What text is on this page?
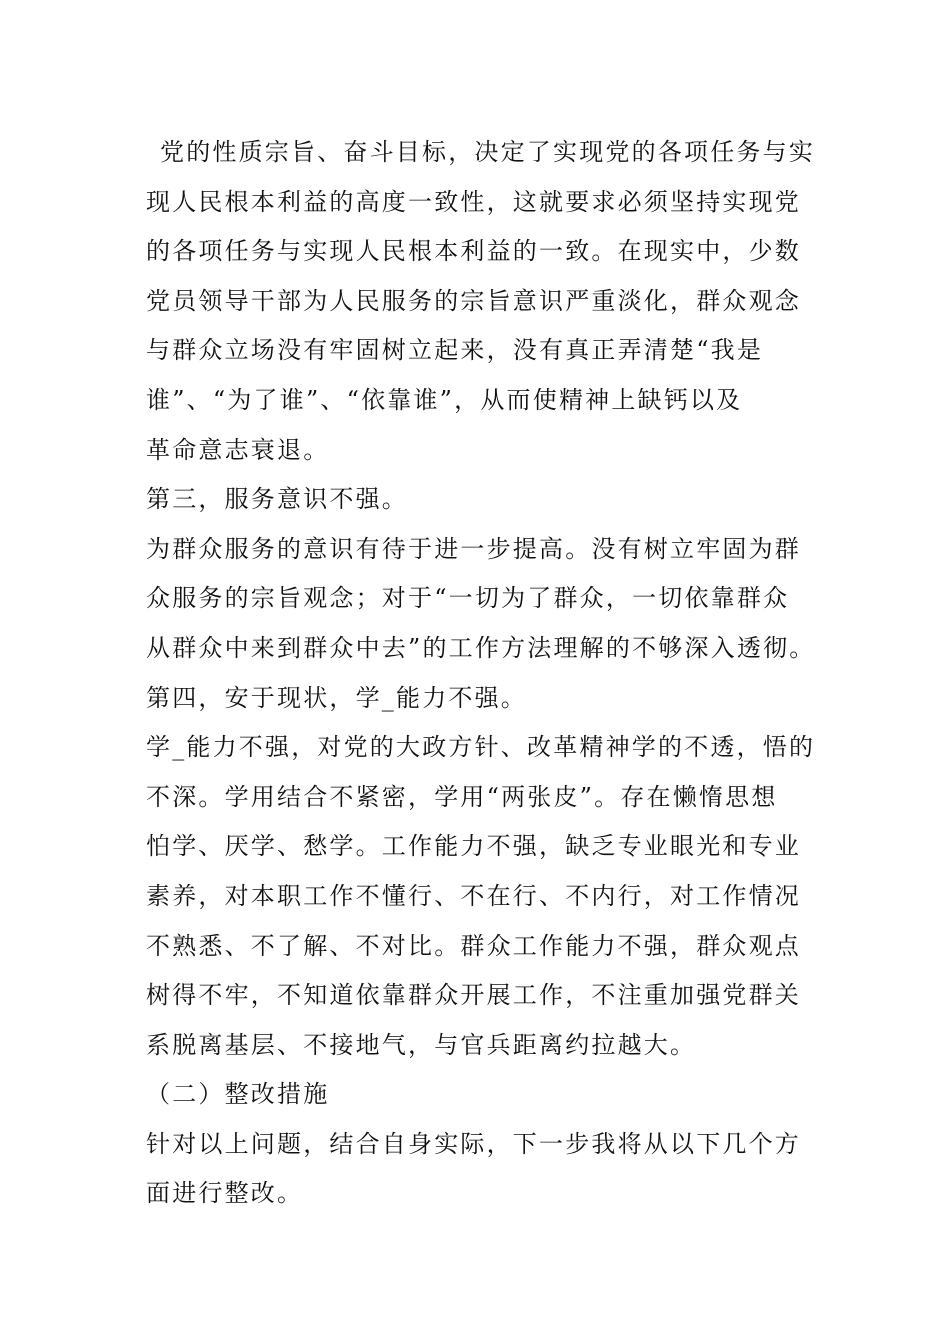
党的性质宗旨、奋斗目标，决定了实现党的各项任务与实
现人民根本利益的高度一致性，这就要求必须坚持实现党
的各项任务与实现人民根本利益的一致。在现实中，少数
党员领导干部为人民服务的宗旨意识严重淡化，群众观念
与群众立场没有牢固树立起来，没有真正弄清楚“我是
谁”、“为了谁”、“依靠谁”，从而使精神上缺钙以及
革命意志衰退。
第三，服务意识不强。
为群众服务的意识有待于进一步提高。没有树立牢固为群
众服务的宗旨观念；对于“一切为了群众，一切依靠群众
从群众中来到群众中去”的工作方法理解的不够深入透彻。
第四，安于现状，学_能力不强。
学_能力不强，对党的大政方针、改革精神学的不透，悟的
不深。学用结合不紧密，学用“两张皮”。存在懒惰思想
怕学、厌学、愁学。工作能力不强，缺乏专业眼光和专业
素养，对本职工作不懂行、不在行、不内行，对工作情况
不熟悉、不了解、不对比。群众工作能力不强，群众观点
树得不牢，不知道依靠群众开展工作，不注重加强党群关
系脱离基层、不接地气，与官兵距离约拉越大。
（二）整改措施
针对以上问题，结合自身实际，下一步我将从以下几个方
面进行整改。
